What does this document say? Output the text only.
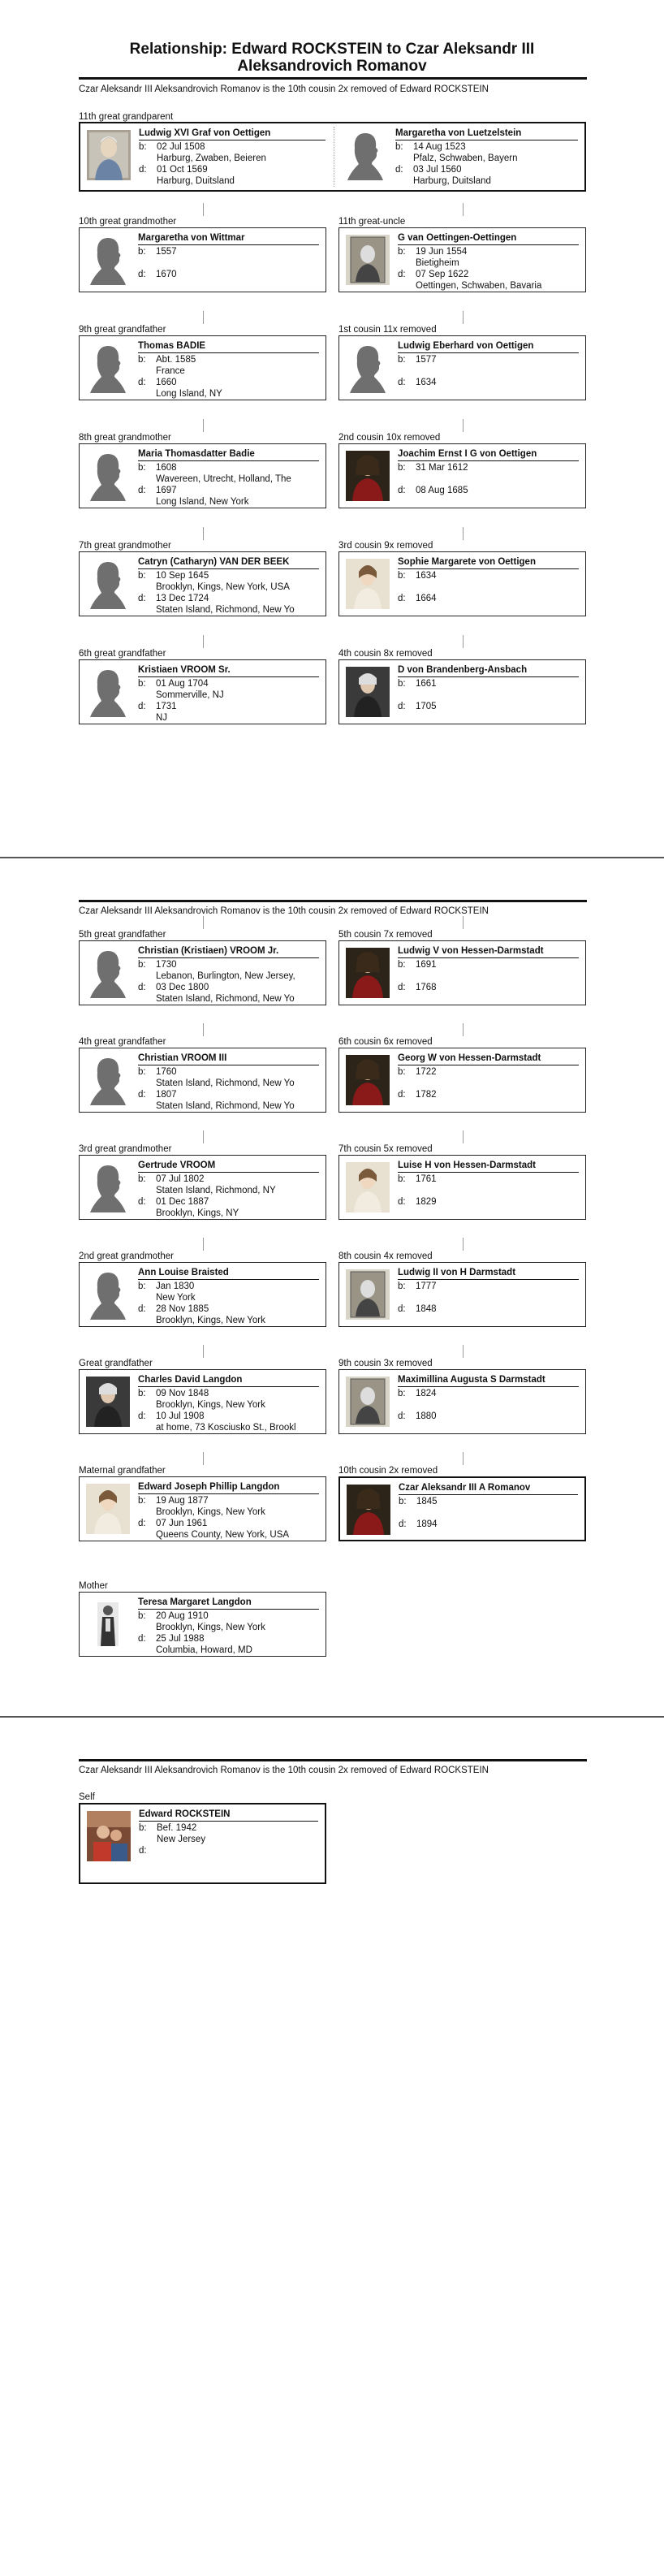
Relationship: Edward ROCKSTEIN to Czar Aleksandr III
Aleksandrovich Romanov
Czar Aleksandr III Aleksandrovich Romanov is the 10th cousin 2x removed of Edward ROCKSTEIN
11th great grandparent
Ludwig XVI Graf von Oettigen
b: 02 Jul 1508
Harburg, Zwaben, Beieren
d: 01 Oct 1569
Harburg, Duitsland
Margaretha von Luetzelstein
b: 14 Aug 1523
Pfalz, Schwaben, Bayern
d: 03 Jul 1560
Harburg, Duitsland
10th great grandmother	11th great-uncle
Margaretha von Wittmar
b: 1557
d: 1670
G van Oettingen-Oettingen
b: 19 Jun 1554
Bietigheim
d: 07 Sep 1622
Oettingen, Schwaben, Bavaria
9th great grandfather	1st cousin 11x removed
Thomas BADIE
b: Abt. 1585
France
d: 1660
Long Island, NY
Ludwig Eberhard von Oettigen
b: 1577
d: 1634
8th great grandmother	2nd cousin 10x removed
Maria Thomasdatter Badie
b: 1608
Wavereen, Utrecht, Holland, The
d: 1697
Long Island, New York
Joachim Ernst I G von Oettigen
b: 31 Mar 1612
d: 08 Aug 1685
7th great grandmother	3rd cousin 9x removed
Catryn (Catharyn) VAN DER BEEK
b: 10 Sep 1645
Brooklyn, Kings, New York, USA
d: 13 Dec 1724
Staten Island, Richmond, New Yo
Sophie Margarete von Oettigen
b: 1634
d: 1664
6th great grandfather	4th cousin 8x removed
Kristiaen VROOM Sr.
b: 01 Aug 1704
Sommerville, NJ
d: 1731
NJ
D von Brandenberg-Ansbach
b: 1661
d: 1705
Czar Aleksandr III Aleksandrovich Romanov is the 10th cousin 2x removed of Edward ROCKSTEIN
5th great grandfather	5th cousin 7x removed
Christian (Kristiaen) VROOM Jr.
b: 1730
Lebanon, Burlington, New Jersey,
d: 03 Dec 1800
Staten Island, Richmond, New Yo
Ludwig V von Hessen-Darmstadt
b: 1691
d: 1768
4th great grandfather	6th cousin 6x removed
Christian VROOM III
b: 1760
Staten Island, Richmond, New Yo
d: 1807
Staten Island, Richmond, New Yo
Georg W von Hessen-Darmstadt
b: 1722
d: 1782
3rd great grandmother	7th cousin 5x removed
Gertrude VROOM
b: 07 Jul 1802
Staten Island, Richmond, NY
d: 01 Dec 1887
Brooklyn, Kings, NY
Luise H von Hessen-Darmstadt
b: 1761
d: 1829
2nd great grandmother	8th cousin 4x removed
Ann Louise Braisted
b: Jan 1830
New York
d: 28 Nov 1885
Brooklyn, Kings, New York
Ludwig II von H Darmstadt
b: 1777
d: 1848
Great grandfather	9th cousin 3x removed
Charles David Langdon
b: 09 Nov 1848
Brooklyn, Kings, New York
d: 10 Jul 1908
at home, 73 Kosciusko St., Brookl
Maximillina Augusta S Darmstadt
b: 1824
d: 1880
Maternal grandfather	10th cousin 2x removed
Edward Joseph Phillip Langdon
b: 19 Aug 1877
Brooklyn, Kings, New York
d: 07 Jun 1961
Queens County, New York, USA
Czar Aleksandr III A Romanov
b: 1845
d: 1894
Mother
Teresa Margaret Langdon
b: 20 Aug 1910
Brooklyn, Kings, New York
d: 25 Jul 1988
Columbia, Howard, MD
Czar Aleksandr III Aleksandrovich Romanov is the 10th cousin 2x removed of Edward ROCKSTEIN
Self
Edward ROCKSTEIN
b: Bef. 1942
New Jersey
d:
